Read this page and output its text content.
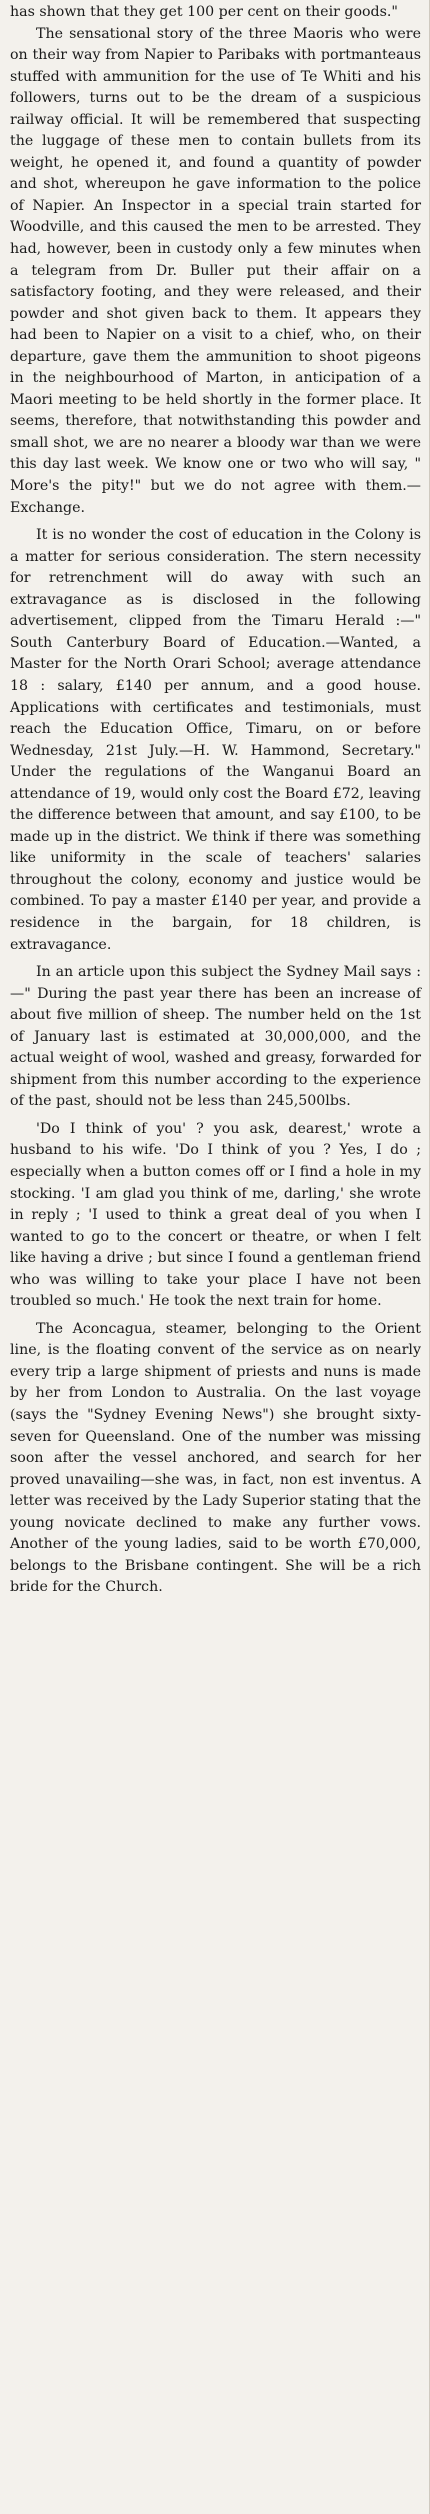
has shown that they get 100 per cent on their goods."

The sensational story of the three Maoris who were on their way from Napier to Paribaks with portmanteaus stuffed with ammunition for the use of Te Whiti and his followers, turns out to be the dream of a suspicious railway official. It will be remembered that suspecting the luggage of these men to contain bullets from its weight, he opened it, and found a quantity of powder and shot, whereupon he gave information to the police of Napier. An Inspector in a special train started for Woodville, and this caused the men to be arrested. They had, however, been in custody only a few minutes when a telegram from Dr. Buller put their affair on a satisfactory footing, and they were released, and their powder and shot given back to them. It appears they had been to Napier on a visit to a chief, who, on their departure, gave them the ammunition to shoot pigeons in the neighbourhood of Marton, in anticipation of a Maori meeting to be held shortly in the former place. It seems, therefore, that notwithstanding this powder and small shot, we are no nearer a bloody war than we were this day last week. We know one or two who will say, " More's the pity!" but we do not agree with them.—Exchange.

It is no wonder the cost of education in the Colony is a matter for serious consideration. The stern necessity for retrenchment will do away with such an extravagance as is disclosed in the following advertisement, clipped from the Timaru Herald :—" South Canterbury Board of Education.—Wanted, a Master for the North Orari School; average attendance 18 : salary, £140 per annum, and a good house. Applications with certificates and testimonials, must reach the Education Office, Timaru, on or before Wednesday, 21st July.—H. W. Hammond, Secretary." Under the regulations of the Wanganui Board an attendance of 19, would only cost the Board £72, leaving the difference between that amount, and say £100, to be made up in the district. We think if there was something like uniformity in the scale of teachers' salaries throughout the colony, economy and justice would be combined. To pay a master £140 per year, and provide a residence in the bargain, for 18 children, is extravagance.

In an article upon this subject the Sydney Mail says :—" During the past year there has been an increase of about five million of sheep. The number held on the 1st of January last is estimated at 30,000,000, and the actual weight of wool, washed and greasy, forwarded for shipment from this number according to the experience of the past, should not be less than 245,500lbs.

'Do I think of you' ? you ask, dearest,' wrote a husband to his wife. 'Do I think of you ? Yes, I do ; especially when a button comes off or I find a hole in my stocking. 'I am glad you think of me, darling,' she wrote in reply ; 'I used to think a great deal of you when I wanted to go to the concert or theatre, or when I felt like having a drive ; but since I found a gentleman friend who was willing to take your place I have not been troubled so much.' He took the next train for home.

The Aconcagua, steamer, belonging to the Orient line, is the floating convent of the service as on nearly every trip a large shipment of priests and nuns is made by her from London to Australia. On the last voyage (says the "Sydney Evening News") she brought sixty-seven for Queensland. One of the number was missing soon after the vessel anchored, and search for her proved unavailing—she was, in fact, non est inventus. A letter was received by the Lady Superior stating that the young novicate declined to make any further vows. Another of the young ladies, said to be worth £70,000, belongs to the Brisbane contingent. She will be a rich bride for the Church.
